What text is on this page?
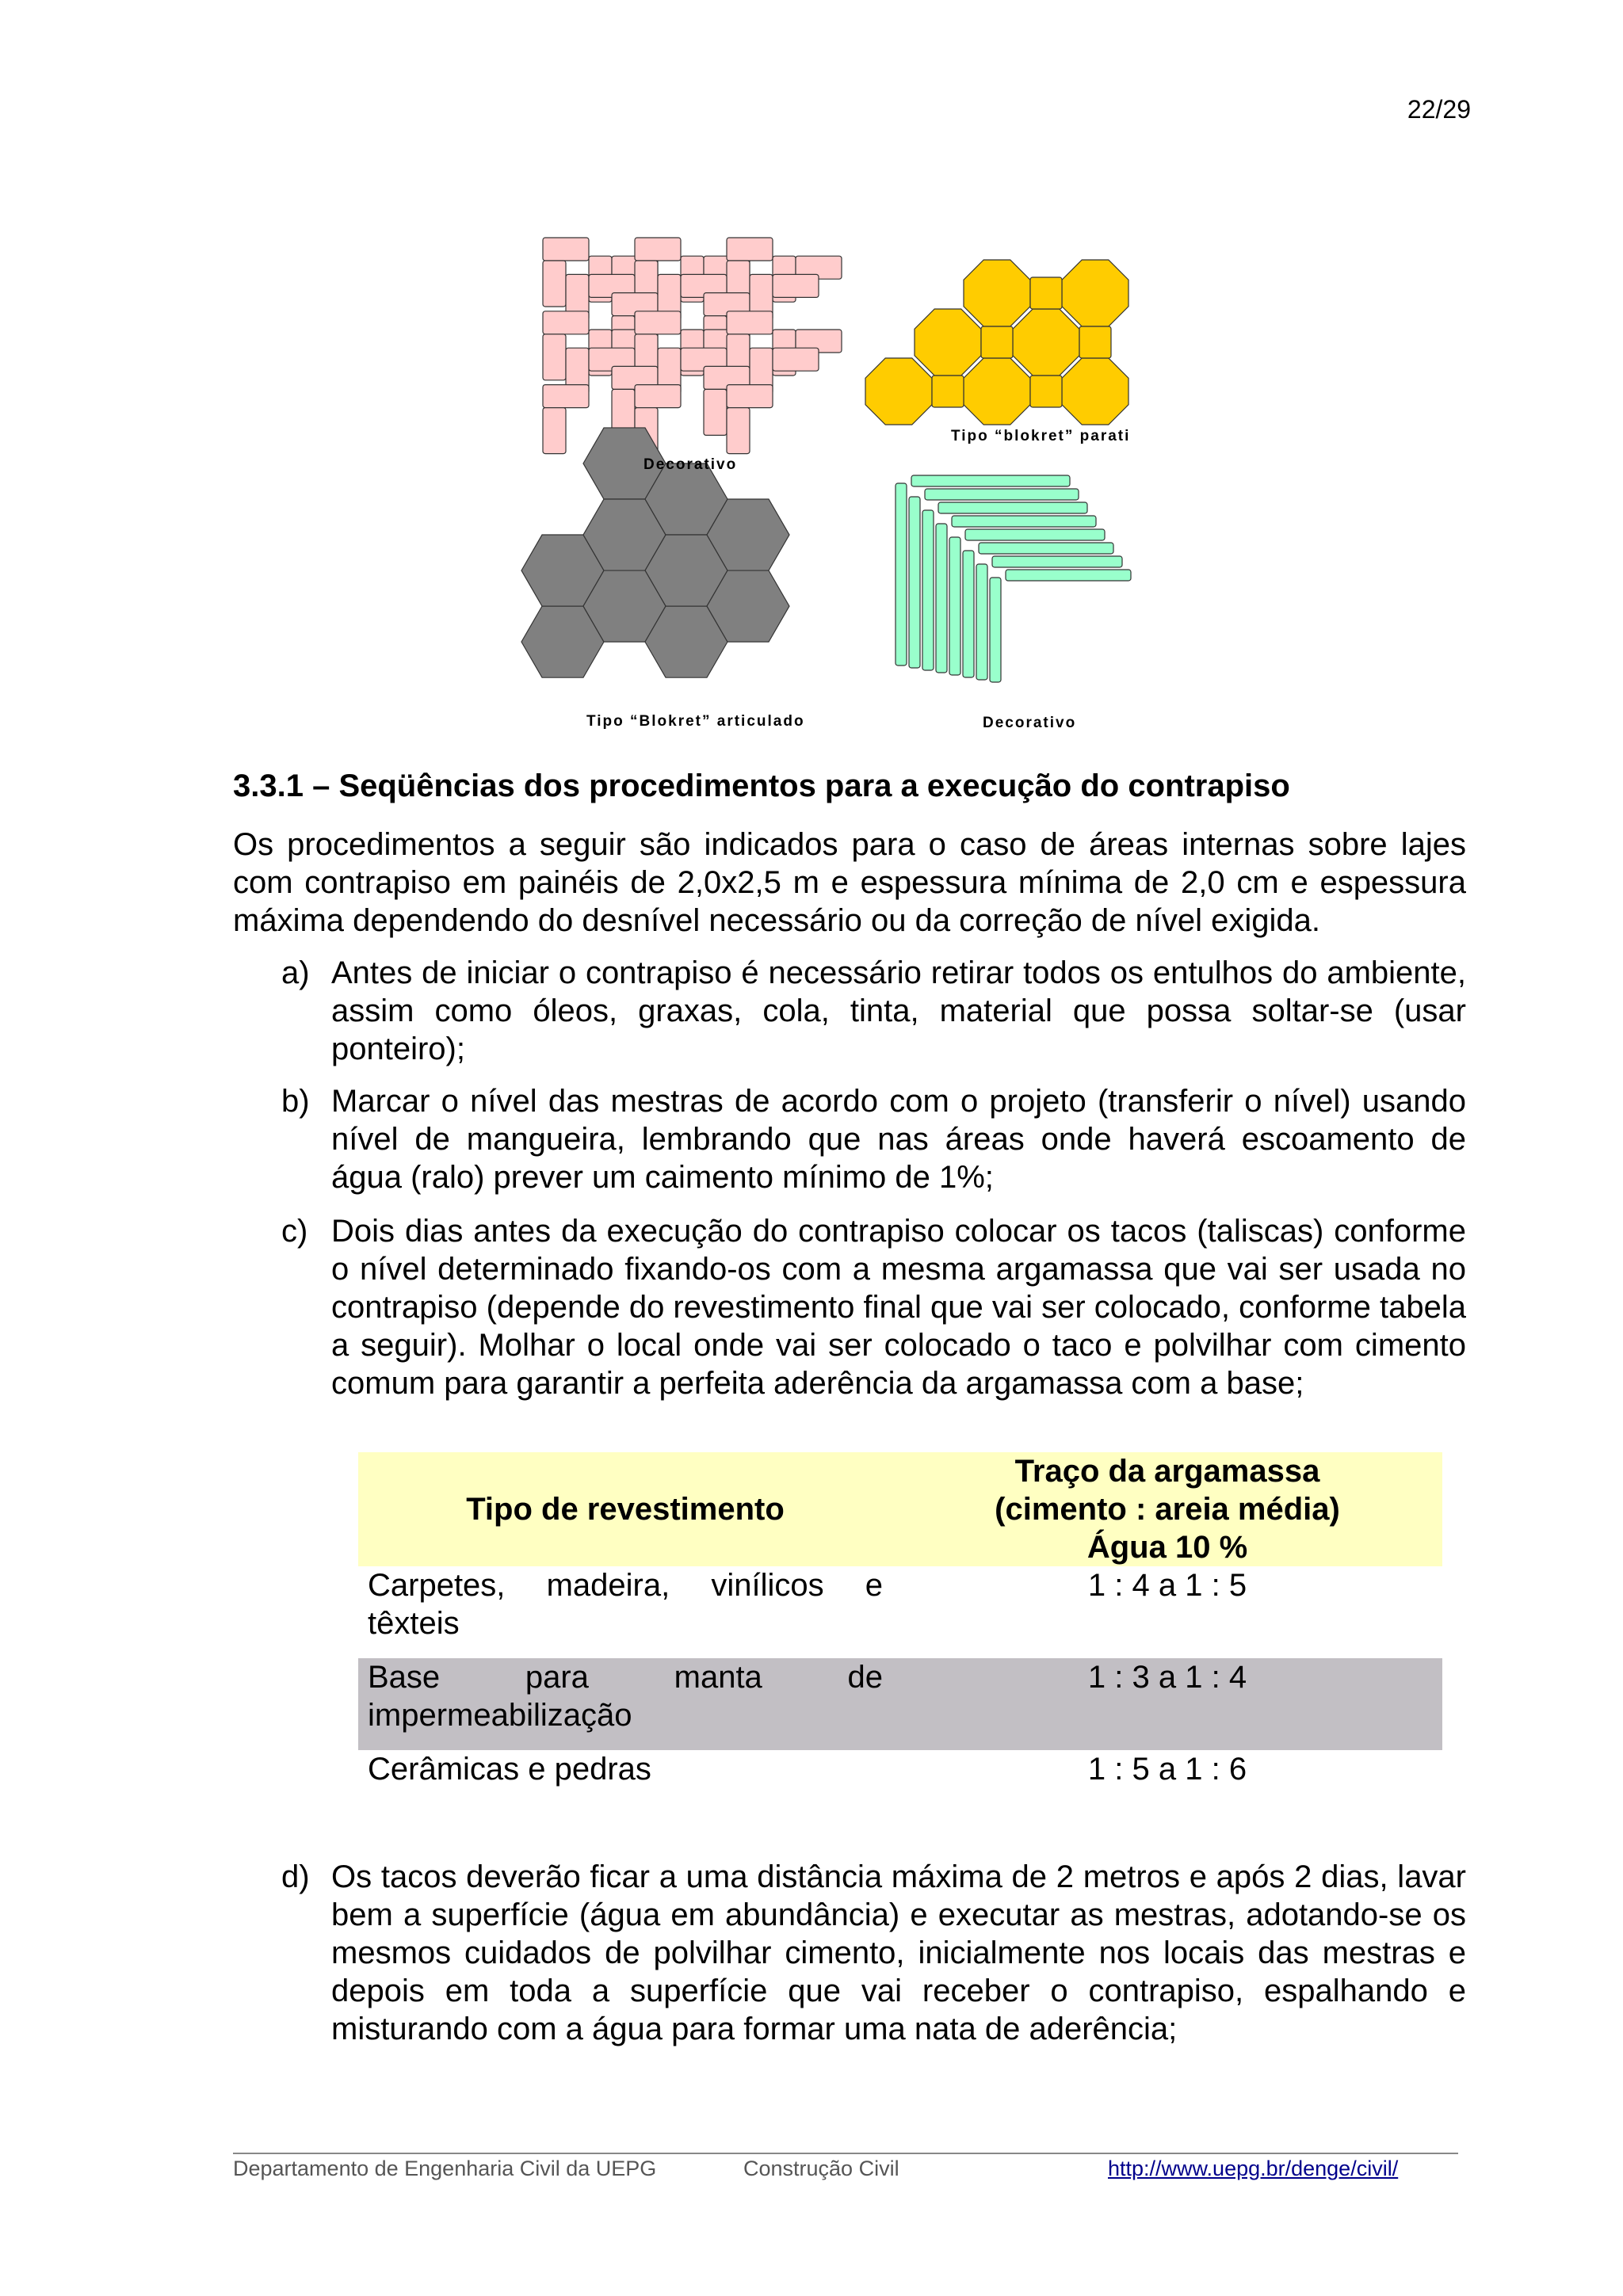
22/29
Decorativo
Tipo “blokret” parati
Tipo “Blokret” articulado	Decorativo
3.3.1 – Seqüências dos procedimentos para a execução do contrapiso

Os procedimentos a seguir são indicados para o caso de áreas internas sobre lajes com contrapiso em painéis de 2,0x2,5 m e espessura mínima de 2,0 cm e espessura máxima dependendo do desnível necessário ou da correção de nível exigida.

a) Antes de iniciar o contrapiso é necessário retirar todos os entulhos do ambiente, assim como óleos, graxas, cola, tinta, material que possa soltar-se (usar ponteiro);
b) Marcar o nível das mestras de acordo com o projeto (transferir o nível) usando nível de mangueira, lembrando que nas áreas onde haverá escoamento de água (ralo) prever um caimento mínimo de 1%;
c) Dois dias antes da execução do contrapiso colocar os tacos (taliscas) conforme o nível determinado fixando-os com a mesma argamassa que vai ser usada no contrapiso (depende do revestimento final que vai ser colocado, conforme tabela a seguir). Molhar o local onde vai ser colocado o taco e polvilhar com cimento comum para garantir a perfeita aderência da argamassa com a base;
Tipo de revestimento	Traço da argamassa
(cimento : areia média)
Água 10 %

Carpetes, madeira, vinílicos e
têxteis	1 : 4 a 1 : 5

Base para manta de
impermeabilização	1 : 3 a 1 : 4
Cerâmicas e pedras	1 : 5 a 1 : 6
d) Os tacos deverão ficar a uma distância máxima de 2 metros e após 2 dias, lavar bem a superfície (água em abundância) e executar as mestras, adotando-se os mesmos cuidados de polvilhar cimento, inicialmente nos locais das mestras e depois em toda a superfície que vai receber o contrapiso, espalhando e misturando com a água para formar uma nata de aderência;
Departamento de Engenharia Civil da UEPG	Construção Civil	http://www.uepg.br/denge/civil/
